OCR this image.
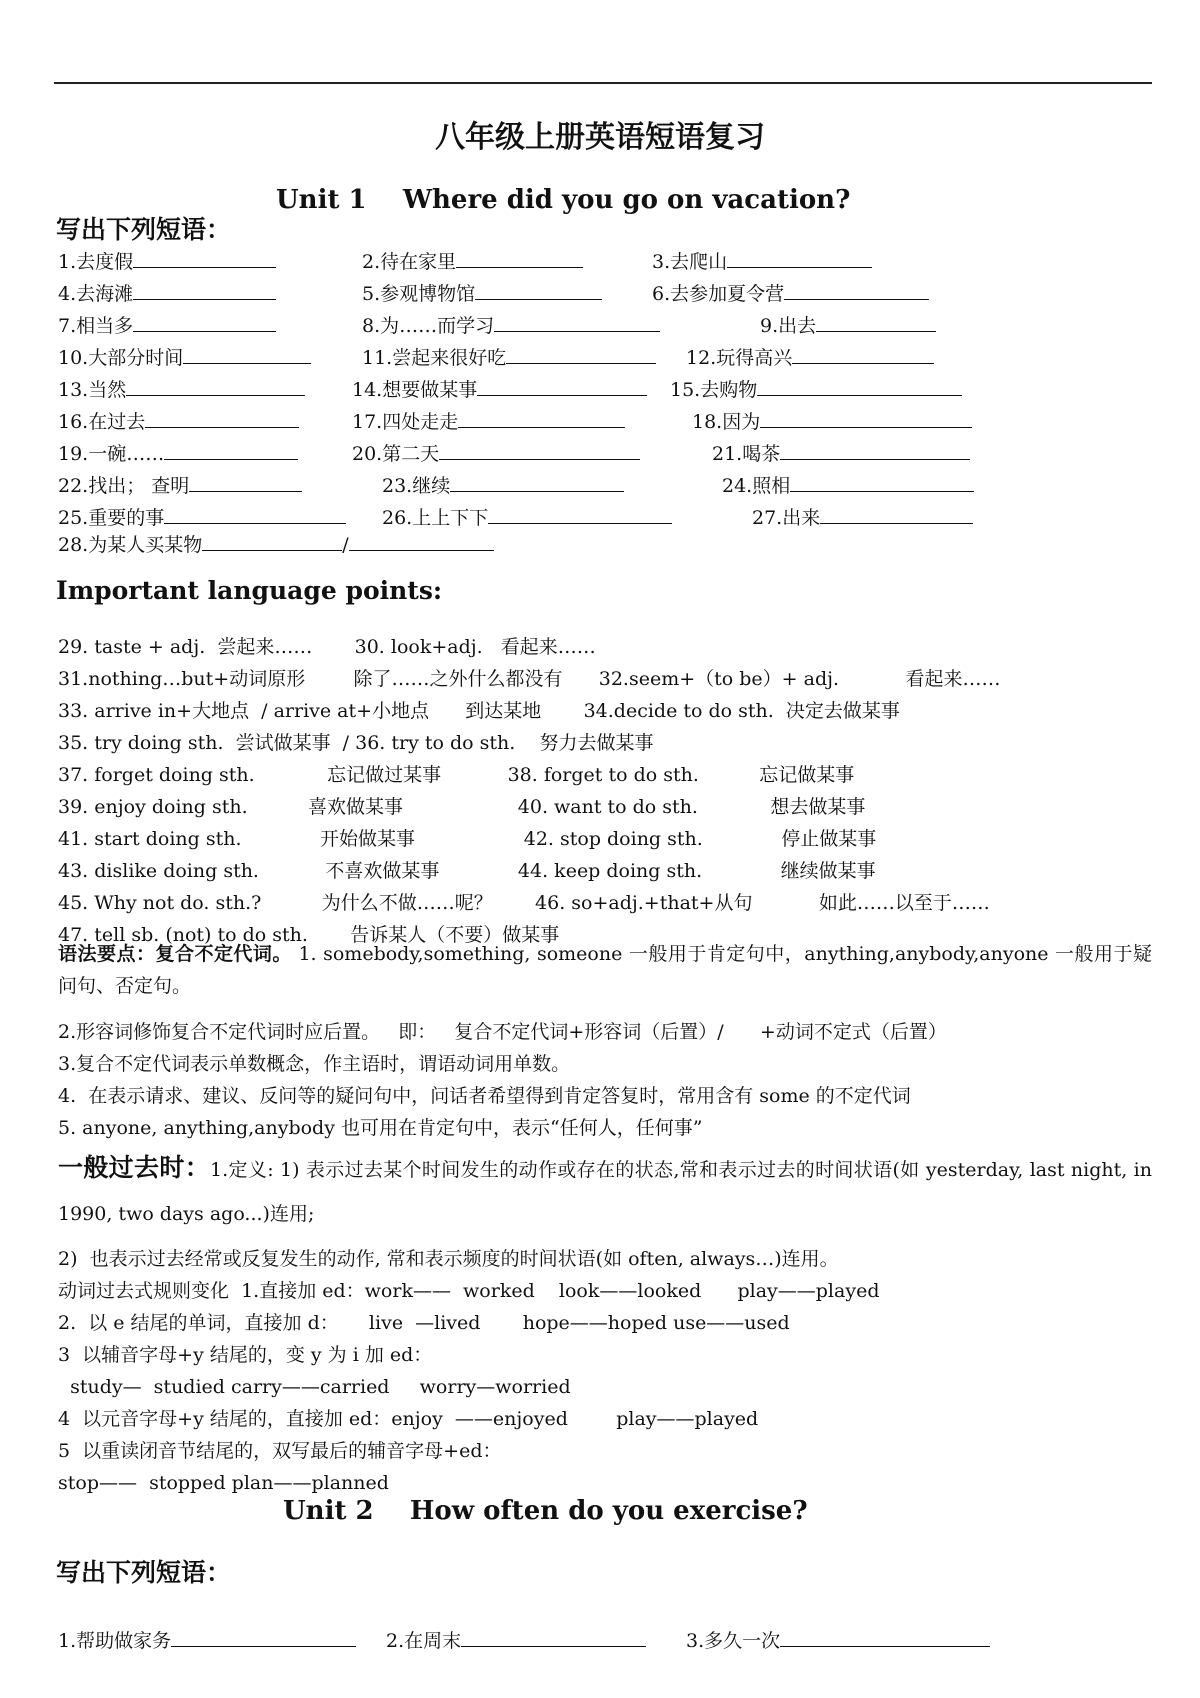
八年级上册英语短语复习
Unit 1    Where did you go on vacation?
写出下列短语：
1.去度假	2.待在家里	3.去爬山
4.去海滩	5.参观博物馆	6.去参加夏令营
7.相当多	8.为……而学习	9.出去
10.大部分时间	11.尝起来很好吃	12.玩得高兴
13.当然	14.想要做某事	15.去购物
16.在过去	17.四处走走	18.因为
19.一碗……	20.第二天	21.喝茶
22.找出； 查明	23.继续	24.照相
25.重要的事	26.上上下下	27.出来
28.为某人买某物	/
Important language points:
29. taste + adj.  尝起来……       30. look+adj.   看起来……
31.nothing…but+动词原形        除了……之外什么都没有      32.seem+（to be）+ adj.           看起来……
33. arrive in+大地点  / arrive at+小地点      到达某地       34.decide to do sth.  决定去做某事
35. try doing sth.  尝试做某事  / 36. try to do sth.    努力去做某事
37. forget doing sth.            忘记做过某事           38. forget to do sth.          忘记做某事
39. enjoy doing sth.          喜欢做某事                   40. want to do sth.            想去做某事
41. start doing sth.             开始做某事                  42. stop doing sth.             停止做某事
43. dislike doing sth.           不喜欢做某事             44. keep doing sth.             继续做某事
45. Why not do. sth.?          为什么不做……呢？       46. so+adj.+that+从句           如此……以至于……
47. tell sb. (not) to do sth.       告诉某人（不要）做某事
语法要点：复合不定代词。 1. somebody,something, someone 一般用于肯定句中，anything,anybody,anyone 一般用于疑问句、否定句。
2.形容词修饰复合不定代词时应后置。   即：   复合不定代词+形容词（后置）/      +动词不定式（后置）
3.复合不定代词表示单数概念，作主语时，谓语动词用单数。
4.  在表示请求、建议、反问等的疑问句中，问话者希望得到肯定答复时，常用含有 some 的不定代词
5. anyone, anything,anybody 也可用在肯定句中，表示“任何人，任何事”
一般过去时：1.定义: 1) 表示过去某个时间发生的动作或存在的状态,常和表示过去的时间状语(如 yesterday, last night, in 1990, two days ago...)连用;
2)  也表示过去经常或反复发生的动作, 常和表示频度的时间状语(如 often, always…)连用。
动词过去式规则变化  1.直接加 ed：work——  worked    look——looked      play——played
2.  以 e 结尾的单词，直接加 d：     live  —lived       hope——hoped use——used
3  以辅音字母+y 结尾的，变 y 为 i 加 ed：
study—  studied carry——carried     worry—worried
4  以元音字母+y 结尾的，直接加 ed：enjoy  ——enjoyed        play——played
5  以重读闭音节结尾的，双写最后的辅音字母+ed：
stop——  stopped plan——planned
Unit 2    How often do you exercise?
写出下列短语：
1.帮助做家务	2.在周末	3.多久一次
